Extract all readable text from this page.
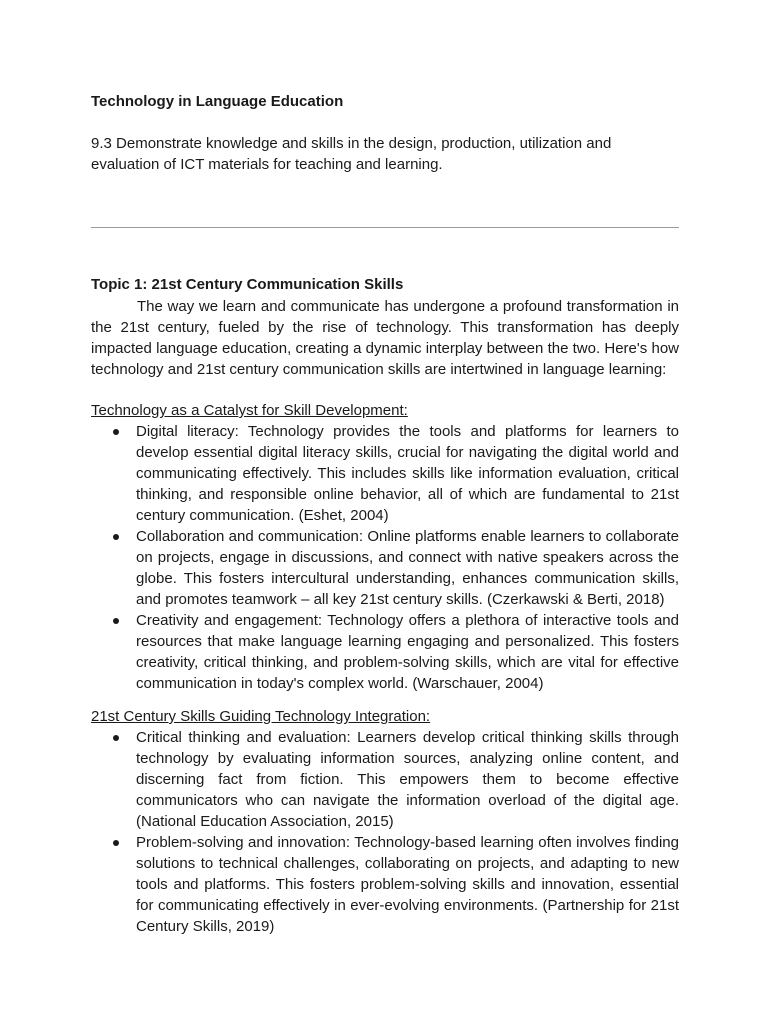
Technology in Language Education
9.3 Demonstrate knowledge and skills in the design, production, utilization and evaluation of ICT materials for teaching and learning.
Topic 1: 21st Century Communication Skills
The way we learn and communicate has undergone a profound transformation in the 21st century, fueled by the rise of technology. This transformation has deeply impacted language education, creating a dynamic interplay between the two. Here's how technology and 21st century communication skills are intertwined in language learning:
Technology as a Catalyst for Skill Development:
Digital literacy: Technology provides the tools and platforms for learners to develop essential digital literacy skills, crucial for navigating the digital world and communicating effectively. This includes skills like information evaluation, critical thinking, and responsible online behavior, all of which are fundamental to 21st century communication. (Eshet, 2004)
Collaboration and communication: Online platforms enable learners to collaborate on projects, engage in discussions, and connect with native speakers across the globe. This fosters intercultural understanding, enhances communication skills, and promotes teamwork – all key 21st century skills. (Czerkawski & Berti, 2018)
Creativity and engagement: Technology offers a plethora of interactive tools and resources that make language learning engaging and personalized. This fosters creativity, critical thinking, and problem-solving skills, which are vital for effective communication in today's complex world. (Warschauer, 2004)
21st Century Skills Guiding Technology Integration:
Critical thinking and evaluation: Learners develop critical thinking skills through technology by evaluating information sources, analyzing online content, and discerning fact from fiction. This empowers them to become effective communicators who can navigate the information overload of the digital age. (National Education Association, 2015)
Problem-solving and innovation: Technology-based learning often involves finding solutions to technical challenges, collaborating on projects, and adapting to new tools and platforms. This fosters problem-solving skills and innovation, essential for communicating effectively in ever-evolving environments. (Partnership for 21st Century Skills, 2019)
